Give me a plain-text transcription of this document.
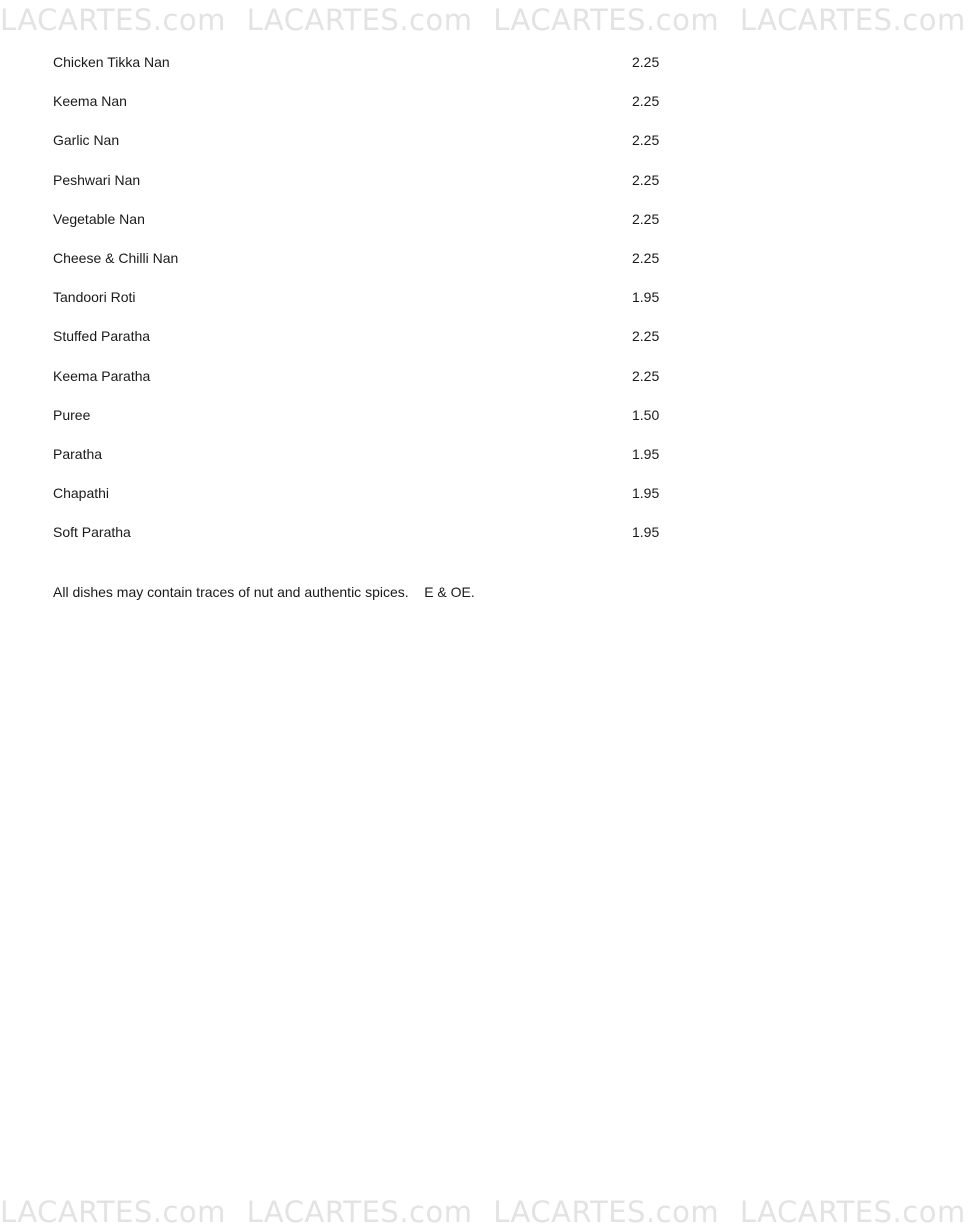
LACARTES.com LACARTES.com LACARTES.com LACARTES.com
Chicken Tikka Nan	2.25
Keema Nan	2.25
Garlic Nan	2.25
Peshwari Nan	2.25
Vegetable Nan	2.25
Cheese & Chilli Nan	2.25
Tandoori Roti	1.95
Stuffed Paratha	2.25
Keema Paratha	2.25
Puree	1.50
Paratha	1.95
Chapathi	1.95
Soft Paratha	1.95
All dishes may contain traces of nut and authentic spices.    E & OE.
LACARTES.com LACARTES.com LACARTES.com LACARTES.com
